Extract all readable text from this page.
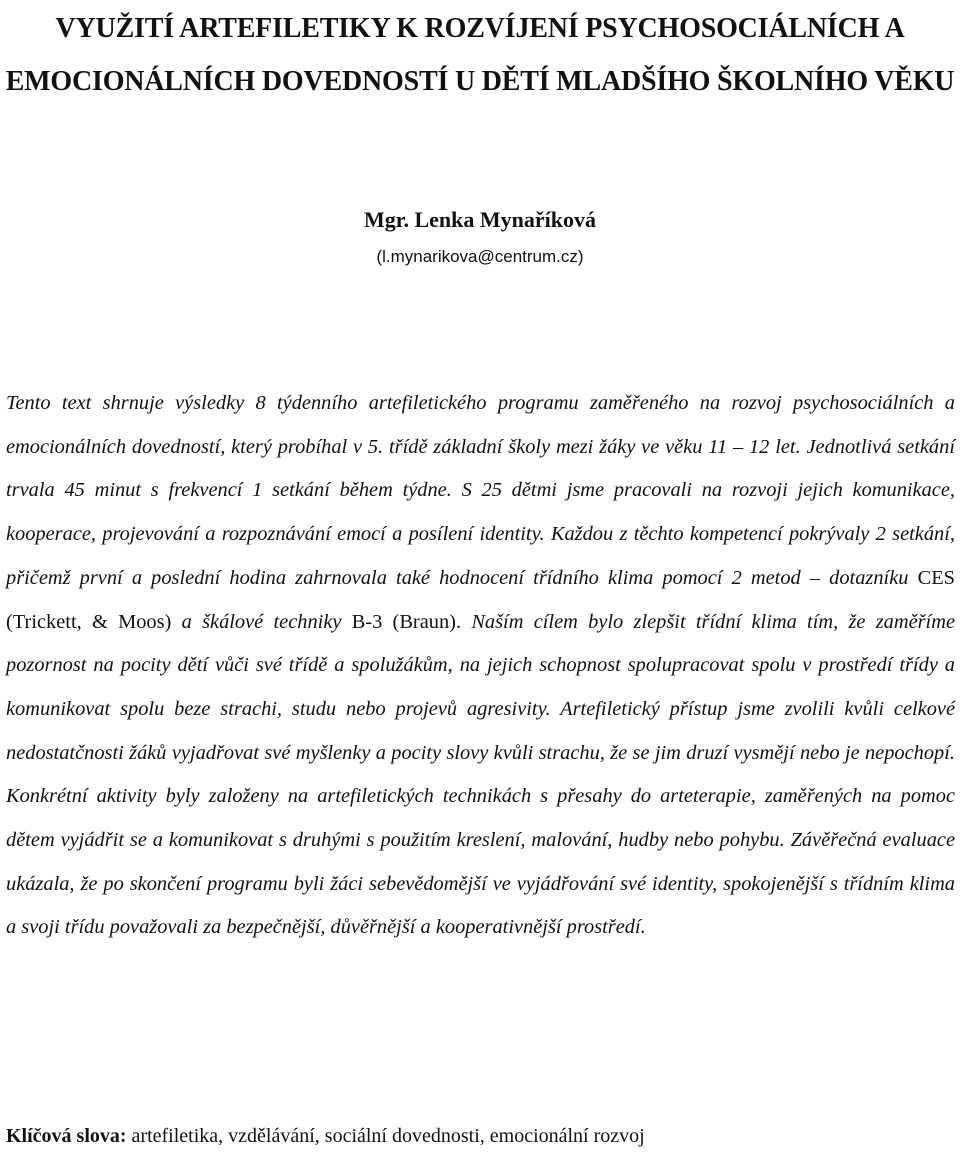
VYUŽITÍ ARTEFILETIKY K ROZVÍJENÍ PSYCHOSOCIÁLNÍCH A EMOCIONÁLNÍCH DOVEDNOSTÍ U DĚTÍ MLADŠÍHO ŠKOLNÍHO VĚKU
Mgr. Lenka Mynaříková
(l.mynarikova@centrum.cz)

Tento text shrnuje výsledky 8 týdenního artefiletického programu zaměřeného na rozvoj psychosociálních a emocionálních dovedností, který probíhal v 5. třídě základní školy mezi žáky ve věku 11 – 12 let. Jednotlivá setkání trvala 45 minut s frekvencí 1 setkání během týdne. S 25 dětmi jsme pracovali na rozvoji jejich komunikace, kooperace, projevování a rozpoznávání emocí a posílení identity. Každou z těchto kompetencí pokrývaly 2 setkání, přičemž první a poslední hodina zahrnovala také hodnocení třídního klima pomocí 2 metod – dotazníku CES (Trickett, & Moos) a škálové techniky B-3 (Braun). Naším cílem bylo zlepšit třídní klima tím, že zaměříme pozornost na pocity dětí vůči své třídě a spolužákům, na jejich schopnost spolupracovat spolu v prostředí třídy a komunikovat spolu beze strachi, studu nebo projevů agresivity. Artefiletický přístup jsme zvolili kvůli celkové nedostatčnosti žáků vyjadřovat své myšlenky a pocity slovy kvůli strachu, že se jim druzí vysmějí nebo je nepochopí. Konkrétní aktivity byly založeny na artefiletických technikách s přesahy do arteterapie, zaměřených na pomoc dětem vyjádřit se a komunikovat s druhými s použitím kreslení, malování, hudby nebo pohybu. Závěřečná evaluace ukázala, že po skončení programu byli žáci sebevědomější ve vyjádřování své identity, spokojenější s třídním klima a svoji třídu považovali za bezpečnější, důvěřnější a kooperativnější prostředí.

Klíčová slova: artefiletika, vzdělávání, sociální dovednosti, emocionální rozvoj
